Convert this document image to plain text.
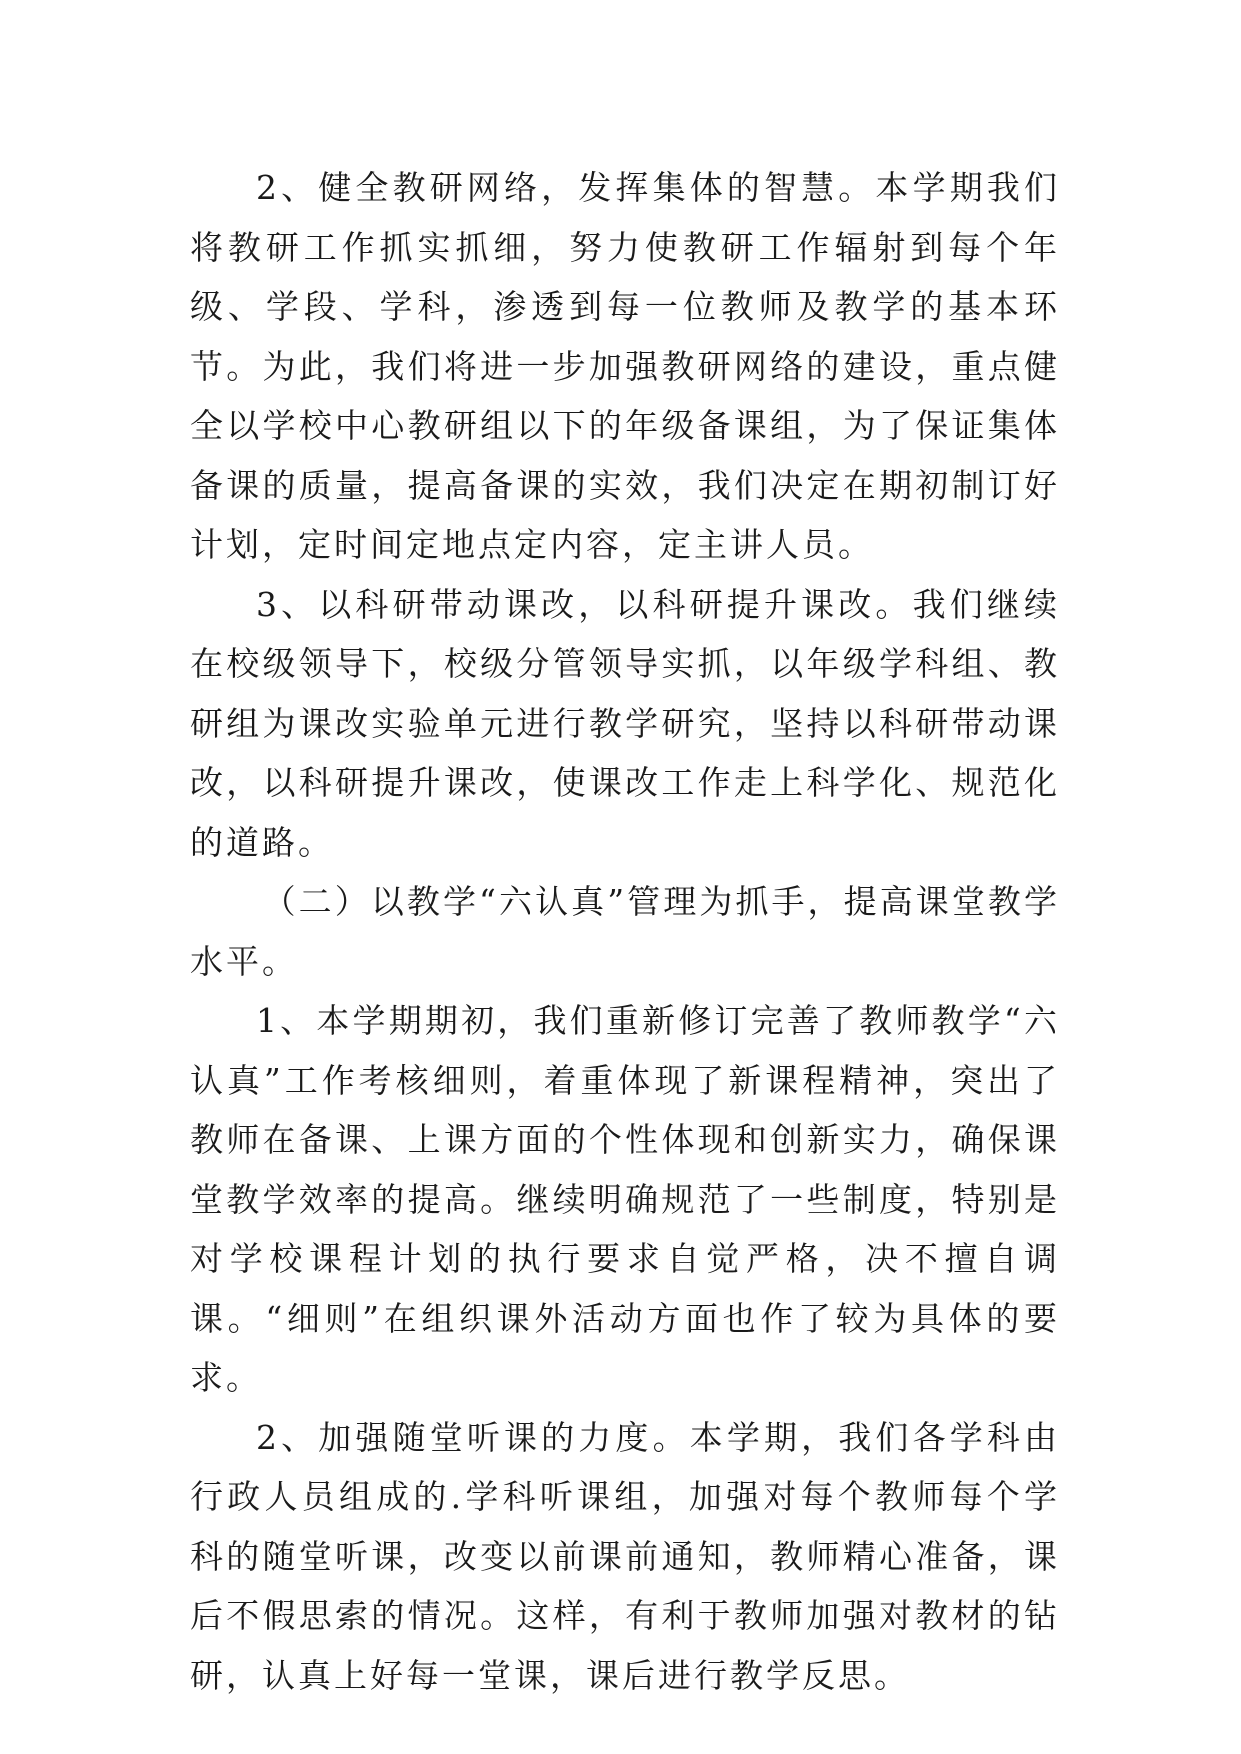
2、健全教研网络，发挥集体的智慧。本学期我们将教研工作抓实抓细，努力使教研工作辐射到每个年级、学段、学科，渗透到每一位教师及教学的基本环节。为此，我们将进一步加强教研网络的建设，重点健全以学校中心教研组以下的年级备课组，为了保证集体备课的质量，提高备课的实效，我们决定在期初制订好计划，定时间定地点定内容，定主讲人员。

3、以科研带动课改，以科研提升课改。我们继续在校级领导下，校级分管领导实抓，以年级学科组、教研组为课改实验单元进行教学研究，坚持以科研带动课改，以科研提升课改，使课改工作走上科学化、规范化的道路。

（二）以教学“六认真”管理为抓手，提高课堂教学水平。

1、本学期期初，我们重新修订完善了教师教学“六认真”工作考核细则，着重体现了新课程精神，突出了教师在备课、上课方面的个性体现和创新实力，确保课堂教学效率的提高。继续明确规范了一些制度，特别是对学校课程计划的执行要求自觉严格，决不擅自调课。“细则”在组织课外活动方面也作了较为具体的要求。

2、加强随堂听课的力度。本学期，我们各学科由行政人员组成的.学科听课组，加强对每个教师每个学科的随堂听课，改变以前课前通知，教师精心准备，课后不假思索的情况。这样，有利于教师加强对教材的钻研，认真上好每一堂课，课后进行教学反思。
